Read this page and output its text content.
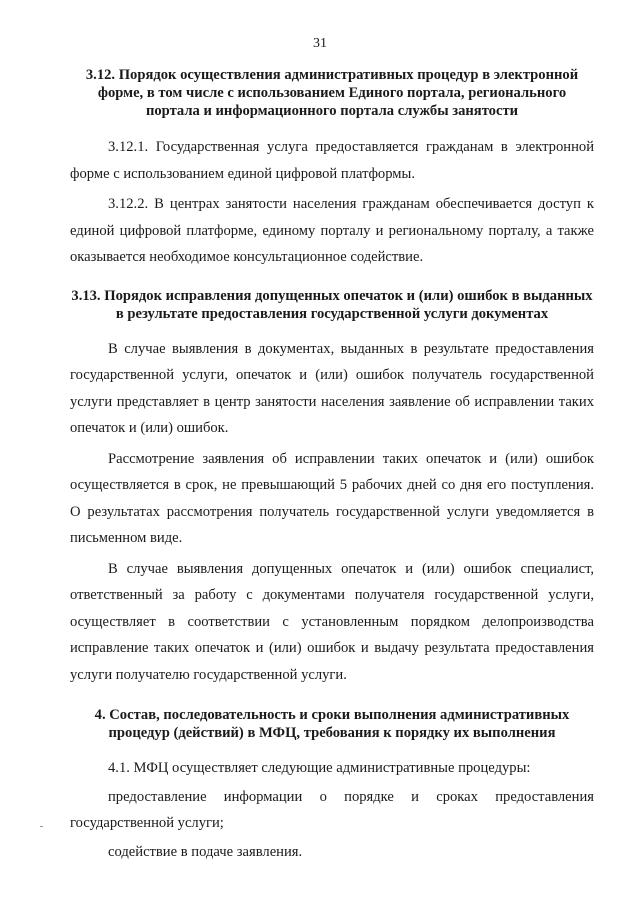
31

3.12. Порядок осуществления административных процедур в электронной форме, в том числе с использованием Единого портала, регионального портала и информационного портала службы занятости

3.12.1. Государственная услуга предоставляется гражданам в электронной форме с использованием единой цифровой платформы.

3.12.2. В центрах занятости населения гражданам обеспечивается доступ к единой цифровой платформе, единому порталу и региональному порталу, а также оказывается необходимое консультационное содействие.

3.13. Порядок исправления допущенных опечаток и (или) ошибок в выданных в результате предоставления государственной услуги документах

В случае выявления в документах, выданных в результате предоставления государственной услуги, опечаток и (или) ошибок получатель государственной услуги представляет в центр занятости населения заявление об исправлении таких опечаток и (или) ошибок.

Рассмотрение заявления об исправлении таких опечаток и (или) ошибок осуществляется в срок, не превышающий 5 рабочих дней со дня его поступления. О результатах рассмотрения получатель государственной услуги уведомляется в письменном виде.

В случае выявления допущенных опечаток и (или) ошибок специалист, ответственный за работу с документами получателя государственной услуги, осуществляет в соответствии с установленным порядком делопроизводства исправление таких опечаток и (или) ошибок и выдачу результата предоставления услуги получателю государственной услуги.

4. Состав, последовательность и сроки выполнения административных процедур (действий) в МФЦ, требования к порядку их выполнения

4.1. МФЦ осуществляет следующие административные процедуры:

предоставление информации о порядке и сроках предоставления государственной услуги;

содействие в подаче заявления.
